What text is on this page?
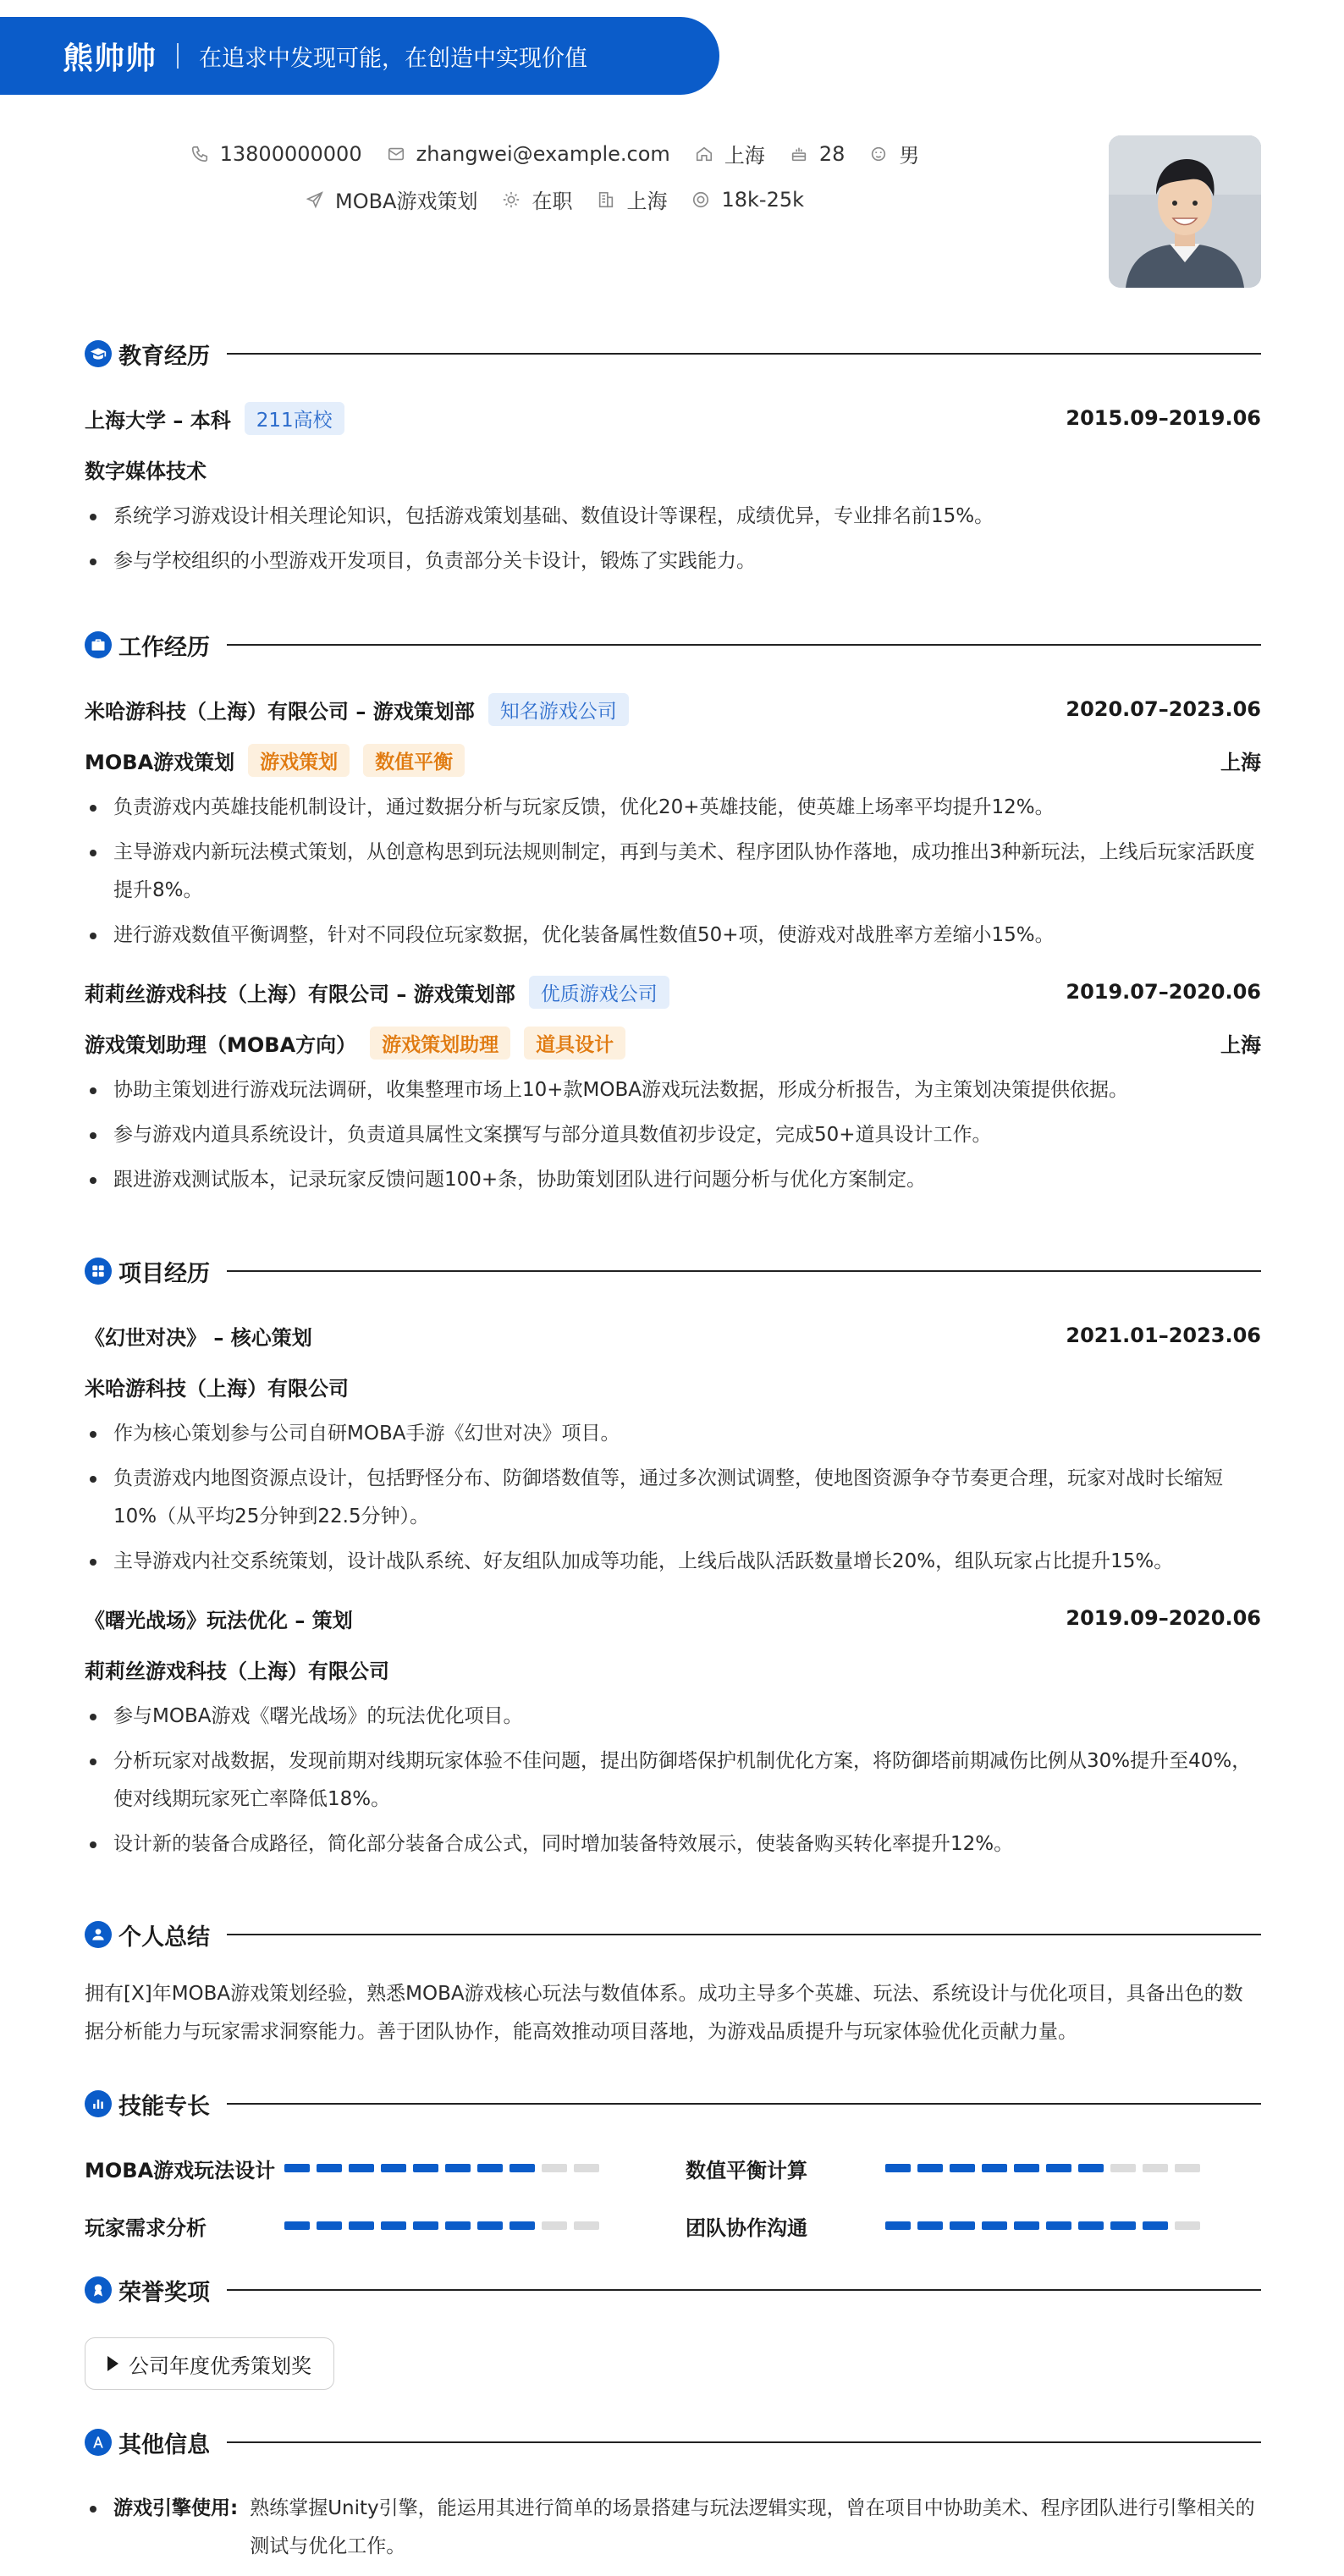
熊帅帅 在追求中发现可能，在创造中实现价值
13800000000	zhangwei@example.com	上海	28	男
MOBA游戏策划	在职	上海	18k-25k
教育经历
上海大学 – 本科	211高校	2015.09–2019.06
数字媒体技术
系统学习游戏设计相关理论知识，包括游戏策划基础、数值设计等课程，成绩优异，专业排名前15%。
参与学校组织的小型游戏开发项目，负责部分关卡设计，锻炼了实践能力。
工作经历
米哈游科技（上海）有限公司 – 游戏策划部	知名游戏公司	2020.07–2023.06
MOBA游戏策划	游戏策划	数值平衡	上海
负责游戏内英雄技能机制设计，通过数据分析与玩家反馈，优化20+英雄技能，使英雄上场率平均提升12%。
主导游戏内新玩法模式策划，从创意构思到玩法规则制定，再到与美术、程序团队协作落地，成功推出3种新玩法，上线后玩家活跃度提升8%。
进行游戏数值平衡调整，针对不同段位玩家数据，优化装备属性数值50+项，使游戏对战胜率方差缩小15%。
莉莉丝游戏科技（上海）有限公司 – 游戏策划部	优质游戏公司	2019.07–2020.06
游戏策划助理（MOBA方向）	游戏策划助理	道具设计	上海
协助主策划进行游戏玩法调研，收集整理市场上10+款MOBA游戏玩法数据，形成分析报告，为主策划决策提供依据。
参与游戏内道具系统设计，负责道具属性文案撰写与部分道具数值初步设定，完成50+道具设计工作。
跟进游戏测试版本，记录玩家反馈问题100+条，协助策划团队进行问题分析与优化方案制定。
项目经历
《幻世对决》 – 核心策划	2021.01–2023.06
米哈游科技（上海）有限公司
作为核心策划参与公司自研MOBA手游《幻世对决》项目。
负责游戏内地图资源点设计，包括野怪分布、防御塔数值等，通过多次测试调整，使地图资源争夺节奏更合理，玩家对战时长缩短10%（从平均25分钟到22.5分钟）。
主导游戏内社交系统策划，设计战队系统、好友组队加成等功能，上线后战队活跃数量增长20%，组队玩家占比提升15%。
《曙光战场》玩法优化 – 策划	2019.09–2020.06
莉莉丝游戏科技（上海）有限公司
参与MOBA游戏《曙光战场》的玩法优化项目。
分析玩家对战数据，发现前期对线期玩家体验不佳问题，提出防御塔保护机制优化方案，将防御塔前期减伤比例从30%提升至40%，使对线期玩家死亡率降低18%。
设计新的装备合成路径，简化部分装备合成公式，同时增加装备特效展示，使装备购买转化率提升12%。
个人总结

拥有[X]年MOBA游戏策划经验，熟悉MOBA游戏核心玩法与数值体系。成功主导多个英雄、玩法、系统设计与优化项目，具备出色的数据分析能力与玩家需求洞察能力。善于团队协作，能高效推动项目落地，为游戏品质提升与玩家体验优化贡献力量。

技能专长
MOBA游戏玩法设计	数值平衡计算
玩家需求分析	团队协作沟通
荣誉奖项
公司年度优秀策划奖
其他信息
游戏引擎使用: 熟练掌握Unity引擎，能运用其进行简单的场景搭建与玩法逻辑实现，曾在项目中协助美术、程序团队进行引擎相关的测试与优化工作。
